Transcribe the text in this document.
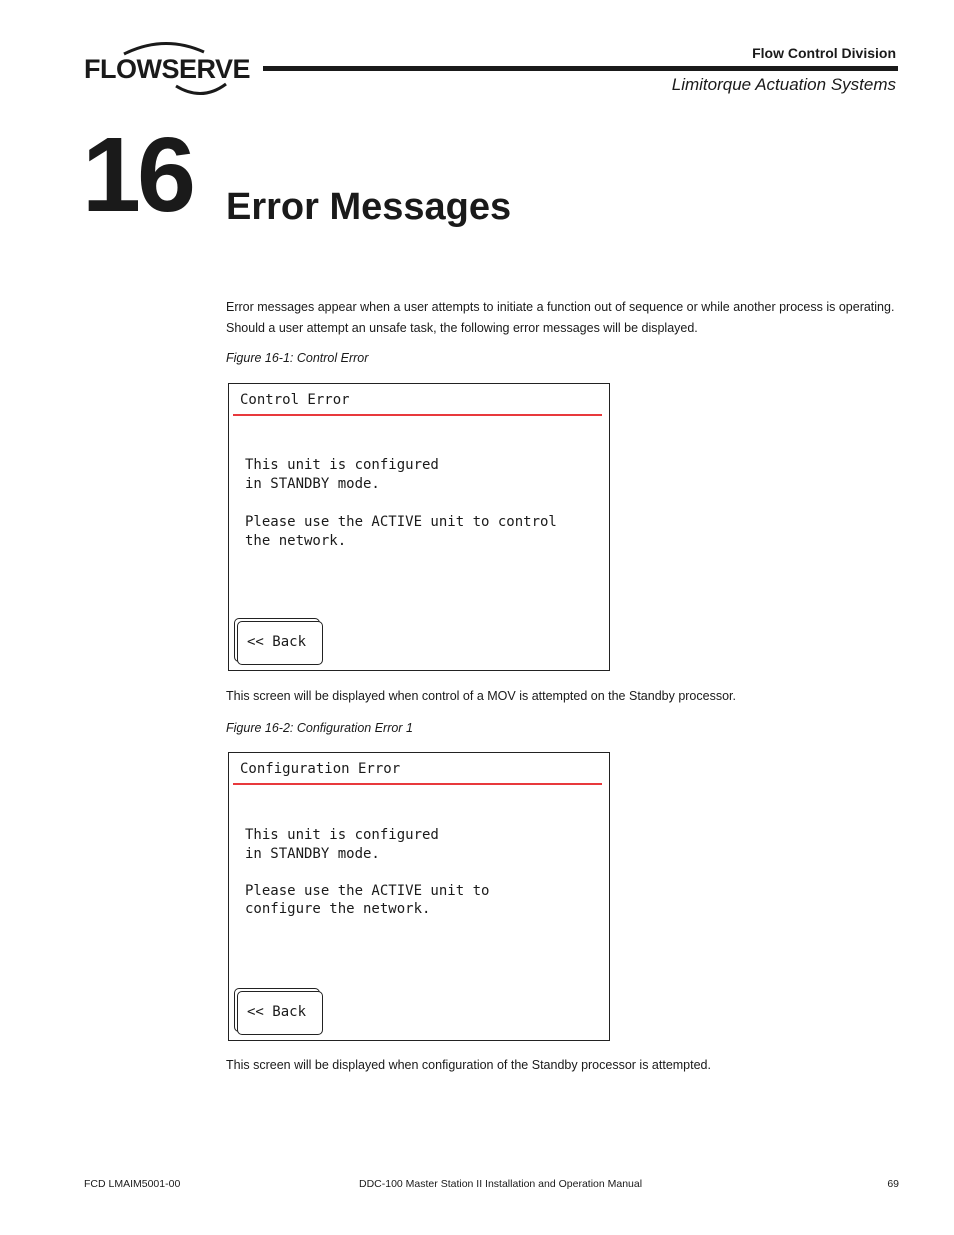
FLOWSERVE
Flow Control Division
Limitorque Actuation Systems
16 Error Messages
Error messages appear when a user attempts to initiate a function out of sequence or while another process is operating.
Should a user attempt an unsafe task, the following error messages will be displayed.
Figure 16-1: Control Error
Control Error
This unit is configured
in STANDBY mode.
Please use the ACTIVE unit to control
the network.
<< Back
This screen will be displayed when control of a MOV is attempted on the Standby processor.
Figure 16-2: Configuration Error 1
Configuration Error
This unit is configured
in STANDBY mode.
Please use the ACTIVE unit to
configure the network.
<< Back
This screen will be displayed when configuration of the Standby processor is attempted.
FCD LMAIM5001-00	DDC-100 Master Station II Installation and Operation Manual	69
